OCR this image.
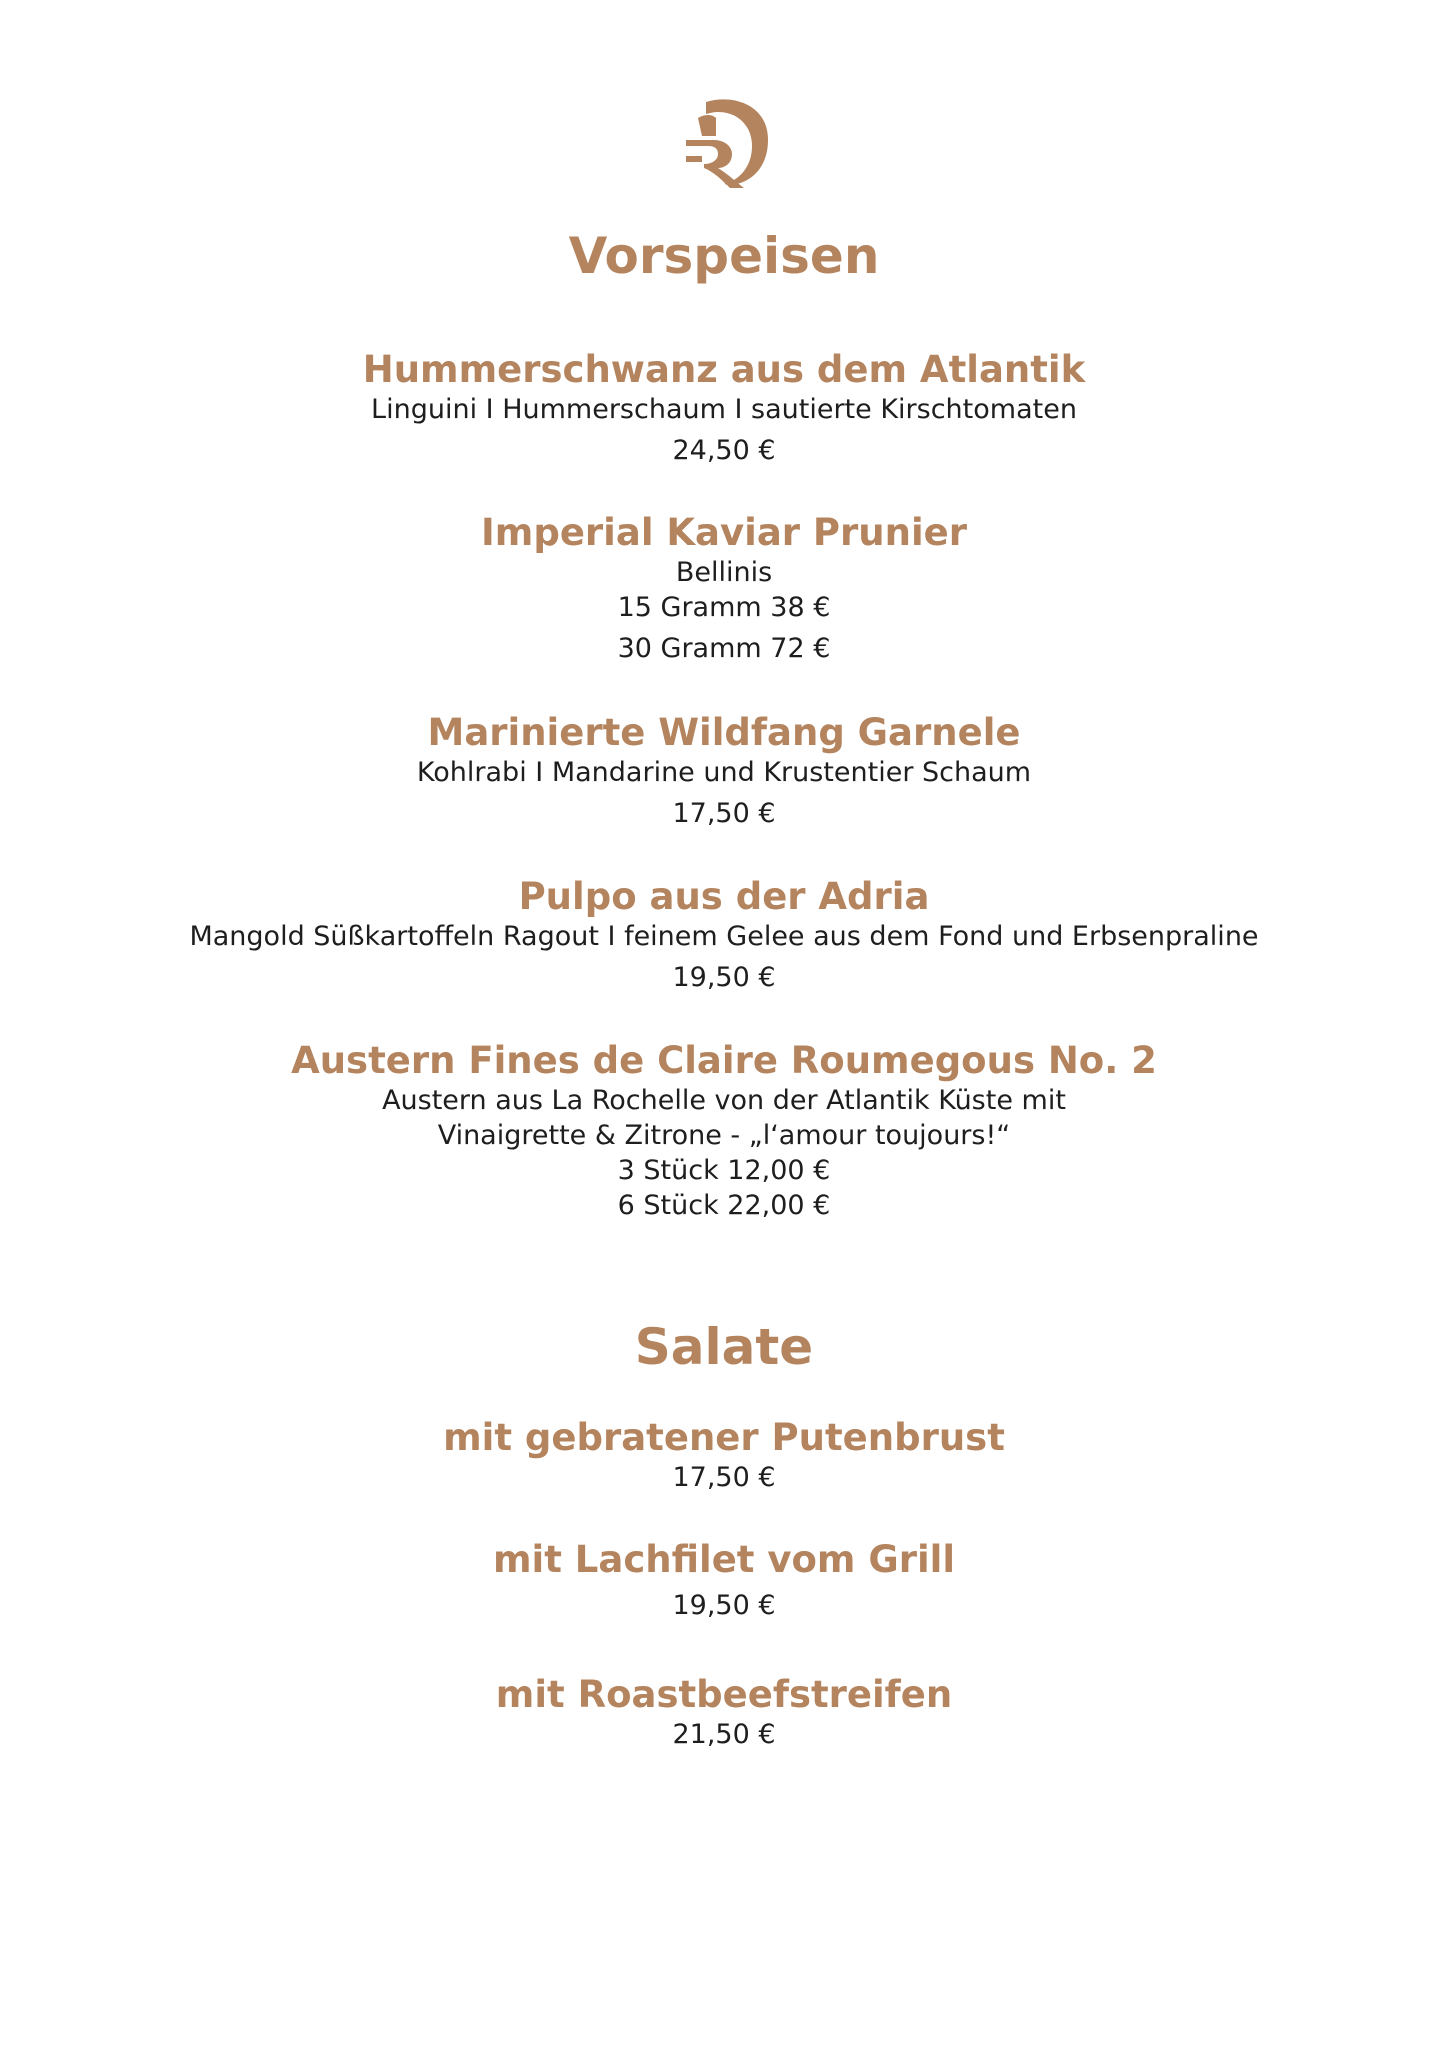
Vorspeisen

Hummerschwanz aus dem Atlantik

Linguini I Hummerschaum I sautierte Kirschtomaten

24,50 €

Imperial Kaviar Prunier

Bellinis

15 Gramm 38 €

30 Gramm 72 €

Marinierte Wildfang Garnele

Kohlrabi I Mandarine und Krustentier Schaum

17,50 €

Pulpo aus der Adria

Mangold Süßkartoffeln Ragout I feinem Gelee aus dem Fond und Erbsenpraline

19,50 €

Austern Fines de Claire Roumegous No. 2

Austern aus La Rochelle von der Atlantik Küste mit

Vinaigrette & Zitrone - „l‘amour toujours!“

3 Stück 12,00 €

6 Stück 22,00 €

Salate

mit gebratener Putenbrust

17,50 €

mit Lachfilet vom Grill

19,50 €

mit Roastbeefstreifen

21,50 €
